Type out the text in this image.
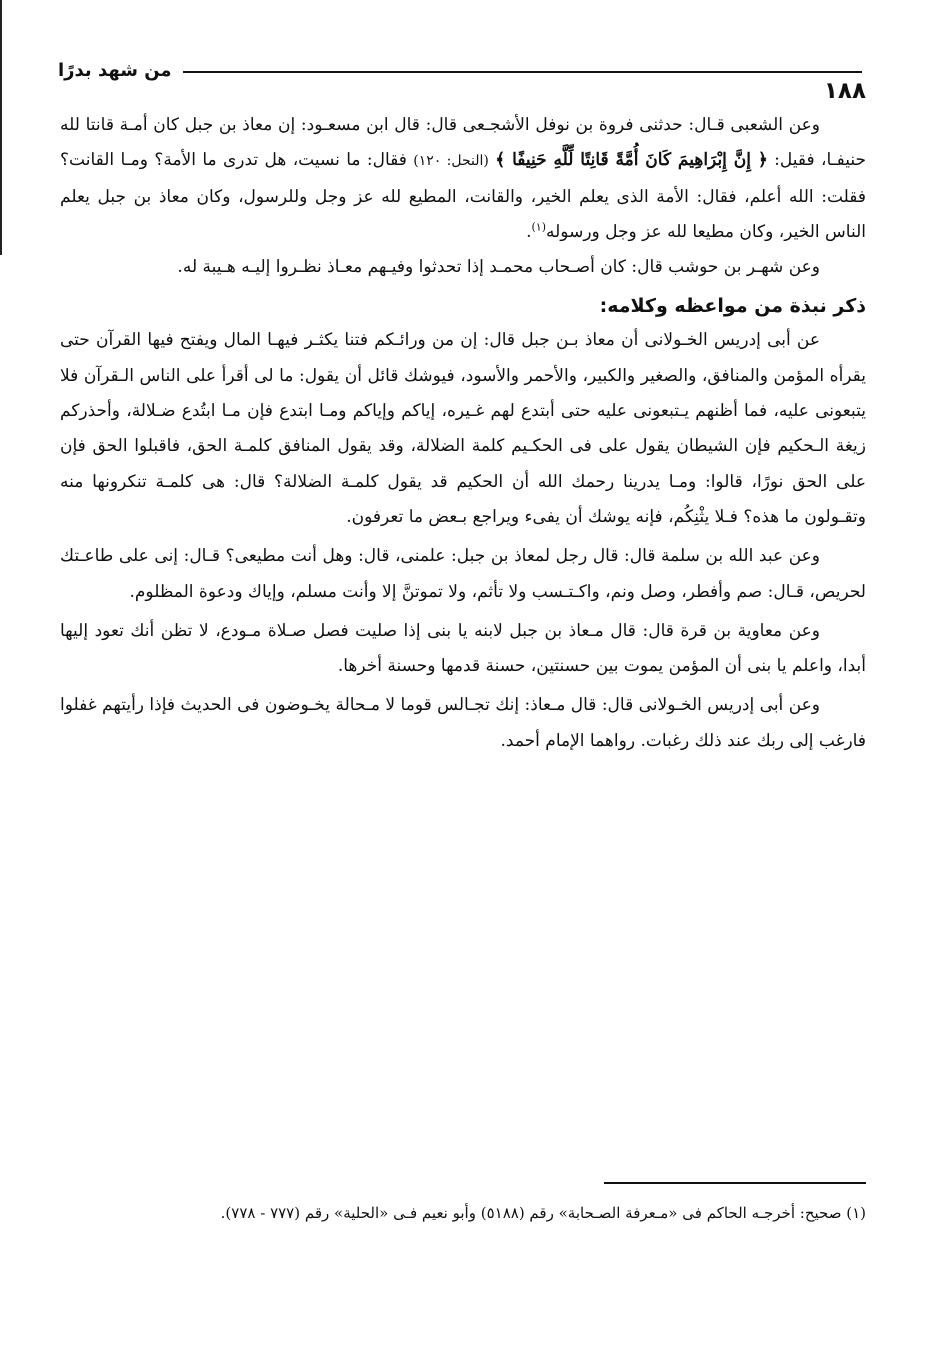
من شهد بدرًا
١٨٨

وعن الشعبى قـال: حدثنى فروة بن نوفل الأشجـعى قال: قال ابن مسعـود: إن معاذ بن جبل كان أمـة قانتا لله حنيفـا، فقيل: ﴿ إِنَّ إِبْرَاهِيمَ كَانَ أُمَّةً قَانِتًا لِّلَّهِ حَنِيفًا ﴾ (النحل: ١٢٠) فقال: ما نسيت، هل تدرى ما الأمة؟ ومـا القانت؟ فقلت: الله أعلم، فقال: الأمة الذى يعلم الخير، والقانت، المطيع لله عز وجل وللرسول، وكان معاذ بن جبل يعلم الناس الخير، وكان مطيعا لله عز وجل ورسوله$^{(١)}$.

وعن شهـر بن حوشب قال: كان أصـحاب محمـد إذا تحدثوا وفيـهم معـاذ نظـروا إليـه هـيبة له.

ذكر نبذة من مواعظه وكلامه:

عن أبى إدريس الخـولانى أن معاذ بـن جبل قال: إن من ورائـكم فتنا يكثـر فيهـا المال ويفتح فيها القرآن حتى يقرأه المؤمن والمنافق، والصغير والكبير، والأحمر والأسود، فيوشك قائل أن يقول: ما لى أقرأ على الناس الـقرآن فلا يتبعونى عليه، فما أظنهم يـتبعونى عليه حتى أبتدع لهم غـيره، إياكم وإياكم ومـا ابتدع فإن مـا ابتُدع ضـلالة، وأحذركم زيغة الـحكيم فإن الشيطان يقول على فى الحكـيم كلمة الضلالة، وقد يقول المنافق كلمـة الحق، فاقبلوا الحق فإن على الحق نورًا، قالوا: ومـا يدرينا رحمك الله أن الحكيم قد يقول كلمـة الضلالة؟ قال: هى كلمـة تنكرونها منه وتقـولون ما هذه؟ فـلا يثْنِكُم، فإنه يوشك أن يفىء ويراجع بـعض ما تعرفون.

وعن عبد الله بن سلمة قال: قال رجل لمعاذ بن جبل: علمنى، قال: وهل أنت مطيعى؟ قـال: إنى على طاعـتك لحريص، قـال: صم وأفطر، وصل ونم، واكـتـسب ولا تأثم، ولا تموتنَّ إلا وأنت مسلم، وإياك ودعوة المظلوم.

وعن معاوية بن قرة قال: قال مـعاذ بن جبل لابنه يا بنى إذا صليت فصل صـلاة مـودع، لا تظن أنك تعود إليها أبدا، واعلم يا بنى أن المؤمن يموت بين حسنتين، حسنة قدمها وحسنة أخرها.

وعن أبى إدريس الخـولانى قال: قال مـعاذ: إنك تجـالس قوما لا مـحالة يخـوضون فى الحديث فإذا رأيتهم غفلوا فارغب إلى ربك عند ذلك رغبات. رواهما الإمام أحمد.

(١) صحيح: أخرجـه الحاكم فى «مـعرفة الصـحابة» رقم (٥١٨٨) وأبو نعيم فـى «الحلية» رقم (٧٧٧ - ٧٧٨).
